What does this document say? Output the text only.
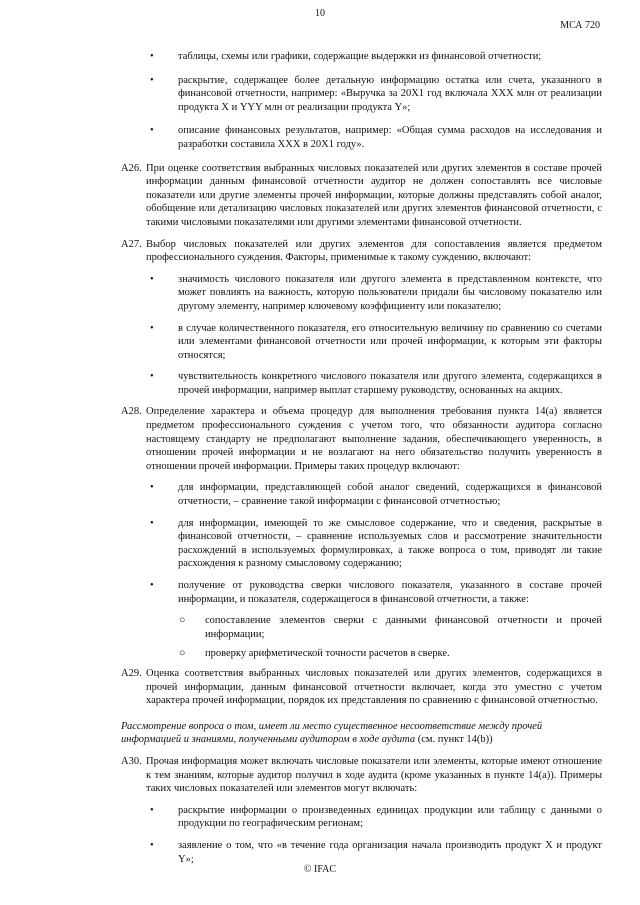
10
МСА 720
• таблицы, схемы или графики, содержащие выдержки из финансовой отчетности;
• раскрытие, содержащее более детальную информацию остатка или счета, указанного в финансовой отчетности, например: «Выручка за 20X1 год включала XXX млн от реализации продукта X и YYY млн от реализации продукта Y»;
• описание финансовых результатов, например: «Общая сумма расходов на исследования и разработки составила XXX в 20X1 году».
A26. При оценке соответствия выбранных числовых показателей или других элементов в составе прочей информации данным финансовой отчетности аудитор не должен сопоставлять все числовые показатели или другие элементы прочей информации, которые должны представлять собой аналог, обобщение или детализацию числовых показателей или других элементов финансовой отчетности, с такими числовыми показателями или другими элементами финансовой отчетности.
A27. Выбор числовых показателей или других элементов для сопоставления является предметом профессионального суждения. Факторы, применимые к такому суждению, включают:
• значимость числового показателя или другого элемента в представленном контексте, что может повлиять на важность, которую пользователи придали бы числовому показателю или другому элементу, например ключевому коэффициенту или показателю;
• в случае количественного показателя, его относительную величину по сравнению со счетами или элементами финансовой отчетности или прочей информации, к которым эти факторы относятся;
• чувствительность конкретного числового показателя или другого элемента, содержащихся в прочей информации, например выплат старшему руководству, основанных на акциях.
A28. Определение характера и объема процедур для выполнения требования пункта 14(a) является предметом профессионального суждения с учетом того, что обязанности аудитора согласно настоящему стандарту не предполагают выполнение задания, обеспечивающего уверенность, в отношении прочей информации и не возлагают на него обязательство получить уверенность в отношении прочей информации. Примеры таких процедур включают:
• для информации, представляющей собой аналог сведений, содержащихся в финансовой отчетности, – сравнение такой информации с финансовой отчетностью;
• для информации, имеющей то же смысловое содержание, что и сведения, раскрытые в финансовой отчетности, – сравнение используемых слов и рассмотрение значительности расхождений в используемых формулировках, а также вопроса о том, приводят ли такие расхождения к разному смысловому содержанию;
• получение от руководства сверки числового показателя, указанного в составе прочей информации, и показателя, содержащегося в финансовой отчетности, а также:
○ сопоставление элементов сверки с данными финансовой отчетности и прочей информации;
○ проверку арифметической точности расчетов в сверке.
A29. Оценка соответствия выбранных числовых показателей или других элементов, содержащихся в прочей информации, данным финансовой отчетности включает, когда это уместно с учетом характера прочей информации, порядок их представления по сравнению с финансовой отчетностью.
Рассмотрение вопроса о том, имеет ли место существенное несоответствие между прочей информацией и знаниями, полученными аудитором в ходе аудита (см. пункт 14(b))
A30. Прочая информация может включать числовые показатели или элементы, которые имеют отношение к тем знаниям, которые аудитор получил в ходе аудита (кроме указанных в пункте 14(a)). Примеры таких числовых показателей или элементов могут включать:
• раскрытие информации о произведенных единицах продукции или таблицу с данными о продукции по географическим регионам;
• заявление о том, что «в течение года организация начала производить продукт X и продукт Y»;
© IFAC
